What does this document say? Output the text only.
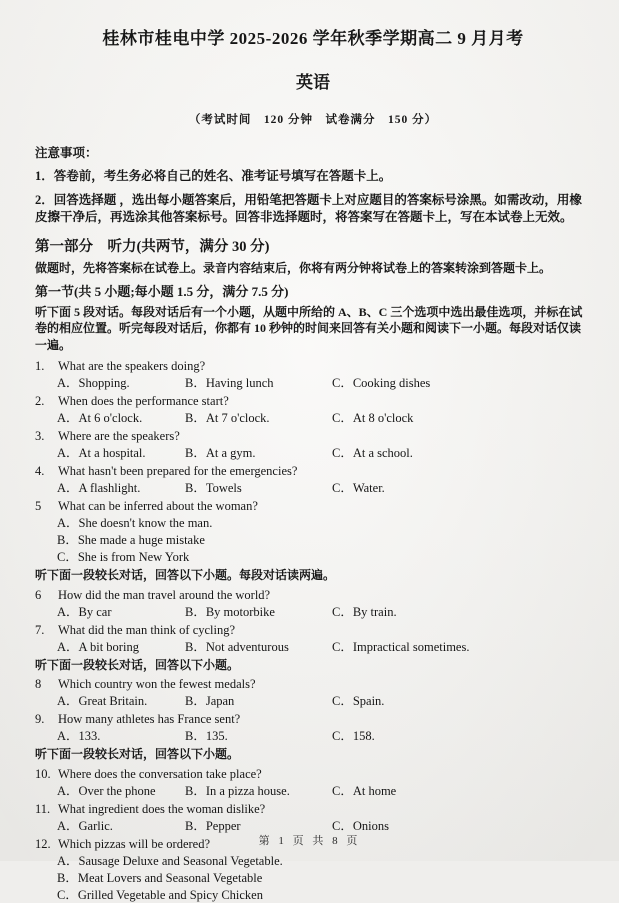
桂林市桂电中学 2025-2026 学年秋季学期高二 9 月月考
英语
（考试时间　120 分钟　试卷满分　150 分）
注意事项：
1．答卷前，考生务必将自己的姓名、准考证号填写在答题卡上。
2．回答选择题 ，选出每小题答案后，用铅笔把答题卡上对应题目的答案标号涂黑。如需改动，用橡皮擦干净后，再选涂其他答案标号。回答非选择题时，将答案写在答题卡上，写在本试卷上无效。
第一部分　听力(共两节，满分 30 分)
做题时，先将答案标在试卷上。录音内容结束后，你将有两分钟将试卷上的答案转涂到答题卡上。
第一节(共 5 小题;每小题 1.5 分，满分 7.5 分)
听下面 5 段对话。每段对话后有一个小题，从题中所给的 A、B、C 三个选项中选出最佳选项，并标在试卷的相应位置。听完每段对话后，你都有 10 秒钟的时间来回答有关小题和阅读下一小题。每段对话仅读一遍。
1.	What are the speakers doing?
A．Shopping.	B．Having lunch	C．Cooking dishes
2.	When does the performance start?
A．At 6 o'clock.	B．At 7 o'clock.	C．At 8 o'clock
3.	Where are the speakers?
A．At a hospital.	B．At a gym.	C．At a school.
4.	What hasn't been prepared for the emergencies?
A．A flashlight.	B．Towels	C．Water.
5	What can be inferred about the woman?
A．She doesn't know the man.
B．She made a huge mistake
C．She is from New York
听下面一段较长对话，回答以下小题。每段对话读两遍。
6	How did the man travel around the world?
A．By car	B．By motorbike	C．By train.
7.	What did the man think of cycling?
A．A bit boring	B．Not adventurous	C．Impractical sometimes.
听下面一段较长对话，回答以下小题。
8	Which country won the fewest medals?
A．Great Britain.	B．Japan	C．Spain.
9.	How many athletes has France sent?
A．133.	B．135.	C．158.
听下面一段较长对话，回答以下小题。
10. Where does the conversation take place?
A．Over the phone	B．In a pizza house.	C．At home
11. What ingredient does the woman dislike?
A．Garlic.	B．Pepper	C．Onions
12. Which pizzas will be ordered?
A．Sausage Deluxe and Seasonal Vegetable.
B．Meat Lovers and Seasonal Vegetable
C．Grilled Vegetable and Spicy Chicken
第 1 页 共 8 页
